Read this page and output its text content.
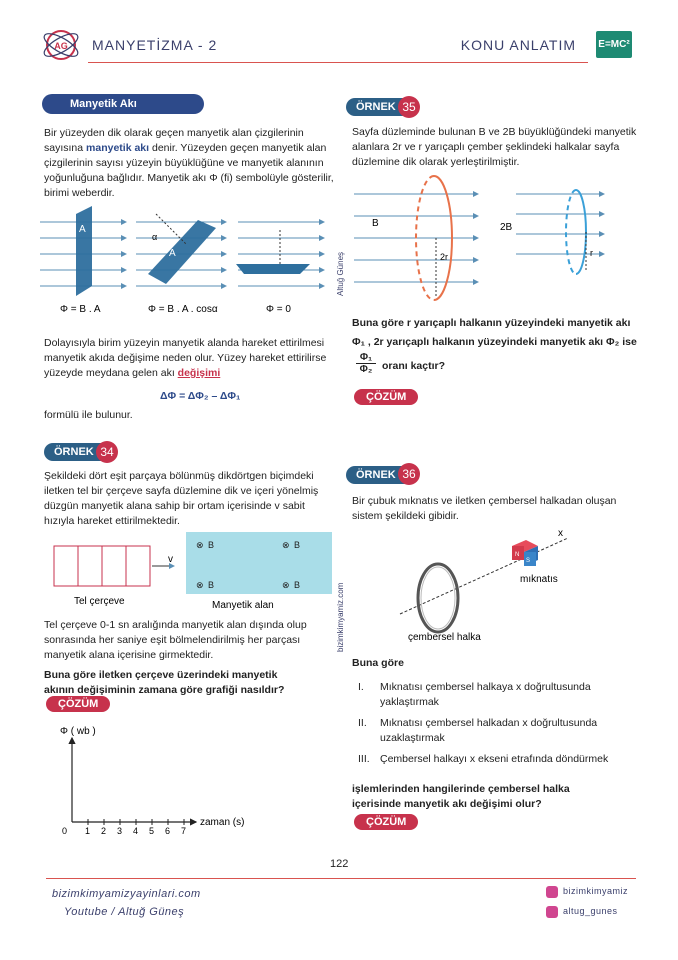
AG MANYETİZMA - 2	KONU ANLATIM E=MC²
Manyetik Akı
Bir yüzeyden dik olarak geçen manyetik alan çizgilerinin
sayısına manyetik akı denir. Yüzeyden geçen manyetik alan
çizgilerinin sayısı yüzeyin büyüklüğüne ve manyetik alanının
yoğunluğuna bağlıdır. Manyetik akı Φ (fi) sembolüyle gösterilir,
birimi weberdir.
A
A
α
Φ = B . A	Φ = B . A . cosα	Φ = 0
Dolayısıyla birim yüzeyin manyetik alanda hareket ettirilmesi
manyetik akıda değişime neden olur. Yüzey hareket ettirilirse
yüzeyde meydana gelen akı değişimi
ΔΦ = ΔΦ₂ – ΔΦ₁
formülü ile bulunur.
ÖRNEK 34
Şekildeki dört eşit parçaya bölünmüş dikdörtgen biçimdeki
iletken tel bir çerçeve sayfa düzlemine dik ve içeri yönelmiş
düzgün manyetik alana sahip bir ortam içerisinde v sabit
hızıyla hareket ettirilmektedir.
v
⊗ B	⊗ B
⊗ B	⊗ B
Tel çerçeve	Manyetik alan
Tel çerçeve 0-1 sn aralığında manyetik alan dışında olup
sonrasında her saniye eşit bölmelendirilmiş her parçası
manyetik alana içerisine girmektedir.
Buna göre iletken çerçeve üzerindeki manyetik
akının değişiminin zamana göre grafiği nasıldır?
ÇÖZÜM
Φ ( wb )
zaman (s)
0 1 2 3 4 5 6 7
Altuğ Güneş
bizimkimyamiz.com
ÖRNEK 35
Sayfa düzleminde bulunan B ve 2B büyüklüğündeki manyetik
alanlara 2r ve r yarıçaplı çember şeklindeki halkalar sayfa
düzlemine dik olarak yerleştirilmiştir.
B
2r
2B
r
Buna göre r yarıçaplı halkanın yüzeyindeki manyetik akı
Φ₁ , 2r yarıçaplı halkanın yüzeyindeki manyetik akı Φ₂ ise
Φ₁
Φ₂ oranı kaçtır?
ÇÖZÜM
ÖRNEK 36
Bir çubuk mıknatıs ve iletken çembersel halkadan oluşan
sistem şekildeki gibidir.
S
N
x
mıknatıs
çembersel halka
Buna göre
I.	Mıknatısı çembersel halkaya x doğrultusunda
yaklaştırmak
II.	Mıknatısı çembersel halkadan x doğrultusunda
uzaklaştırmak
III. Çembersel halkayı x ekseni etrafında döndürmek
işlemlerinden hangilerinde çembersel halka
içerisinde manyetik akı değişimi olur?
ÇÖZÜM
122
bizimkimyamizyayinlari.com
Youtube / Altuğ Güneş
bizimkimyamiz
altug_gunes
